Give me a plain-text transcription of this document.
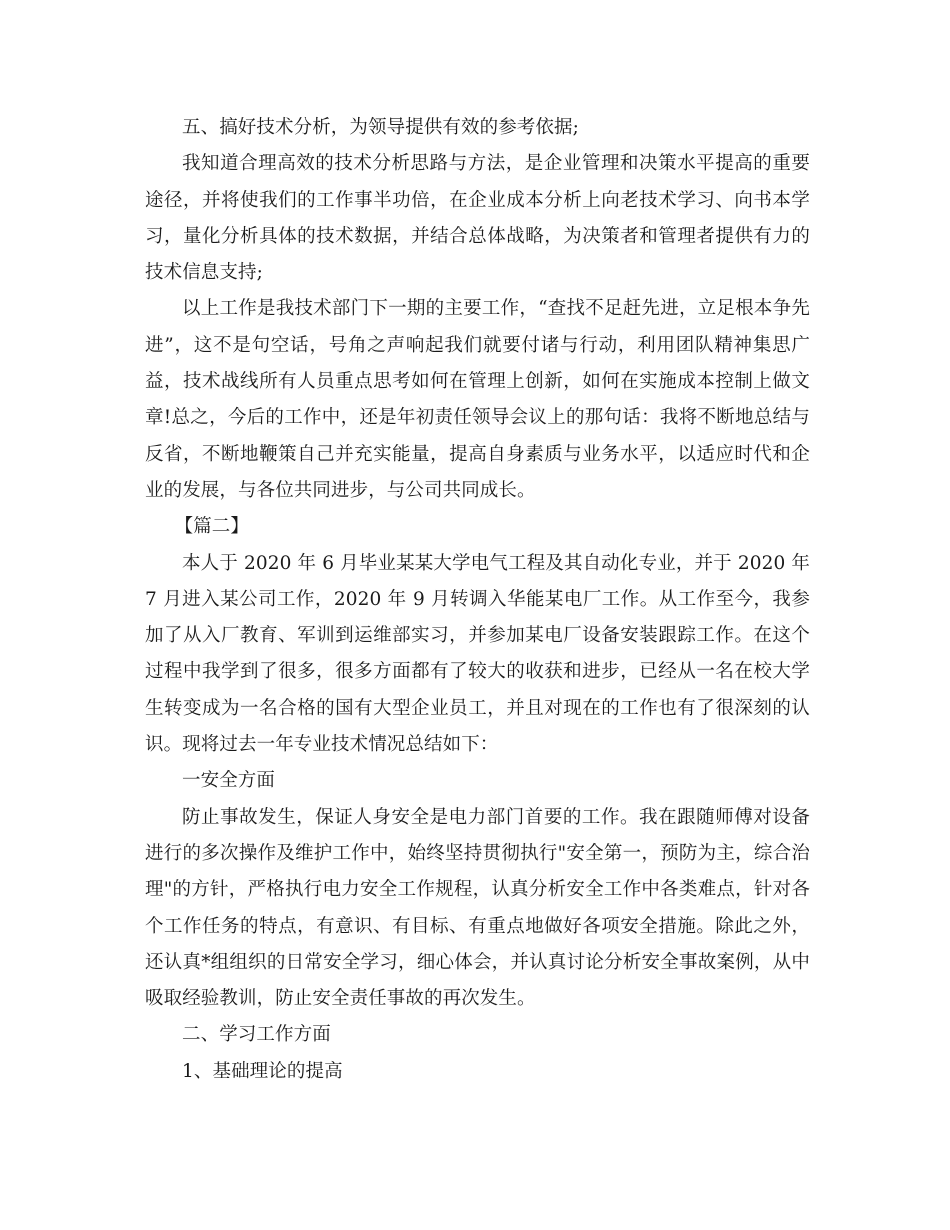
五、搞好技术分析，为领导提供有效的参考依据;

我知道合理高效的技术分析思路与方法，是企业管理和决策水平提高的重要途径，并将使我们的工作事半功倍，在企业成本分析上向老技术学习、向书本学习，量化分析具体的技术数据，并结合总体战略，为决策者和管理者提供有力的技术信息支持;

以上工作是我技术部门下一期的主要工作，“查找不足赶先进，立足根本争先进”，这不是句空话，号角之声响起我们就要付诸与行动，利用团队精神集思广益，技术战线所有人员重点思考如何在管理上创新，如何在实施成本控制上做文章!总之，今后的工作中，还是年初责任领导会议上的那句话：我将不断地总结与反省，不断地鞭策自己并充实能量，提高自身素质与业务水平，以适应时代和企业的发展，与各位共同进步，与公司共同成长。

【篇二】

本人于 2020 年 6 月毕业某某大学电气工程及其自动化专业，并于 2020 年 7 月进入某公司工作，2020 年 9 月转调入华能某电厂工作。从工作至今，我参加了从入厂教育、军训到运维部实习，并参加某电厂设备安装跟踪工作。在这个过程中我学到了很多，很多方面都有了较大的收获和进步，已经从一名在校大学生转变成为一名合格的国有大型企业员工，并且对现在的工作也有了很深刻的认识。现将过去一年专业技术情况总结如下：

一安全方面

防止事故发生，保证人身安全是电力部门首要的工作。我在跟随师傅对设备进行的多次操作及维护工作中，始终坚持贯彻执行"安全第一，预防为主，综合治理"的方针，严格执行电力安全工作规程，认真分析安全工作中各类难点，针对各个工作任务的特点，有意识、有目标、有重点地做好各项安全措施。除此之外，还认真*组组织的日常安全学习，细心体会，并认真讨论分析安全事故案例，从中吸取经验教训，防止安全责任事故的再次发生。

二、学习工作方面

1、基础理论的提高
